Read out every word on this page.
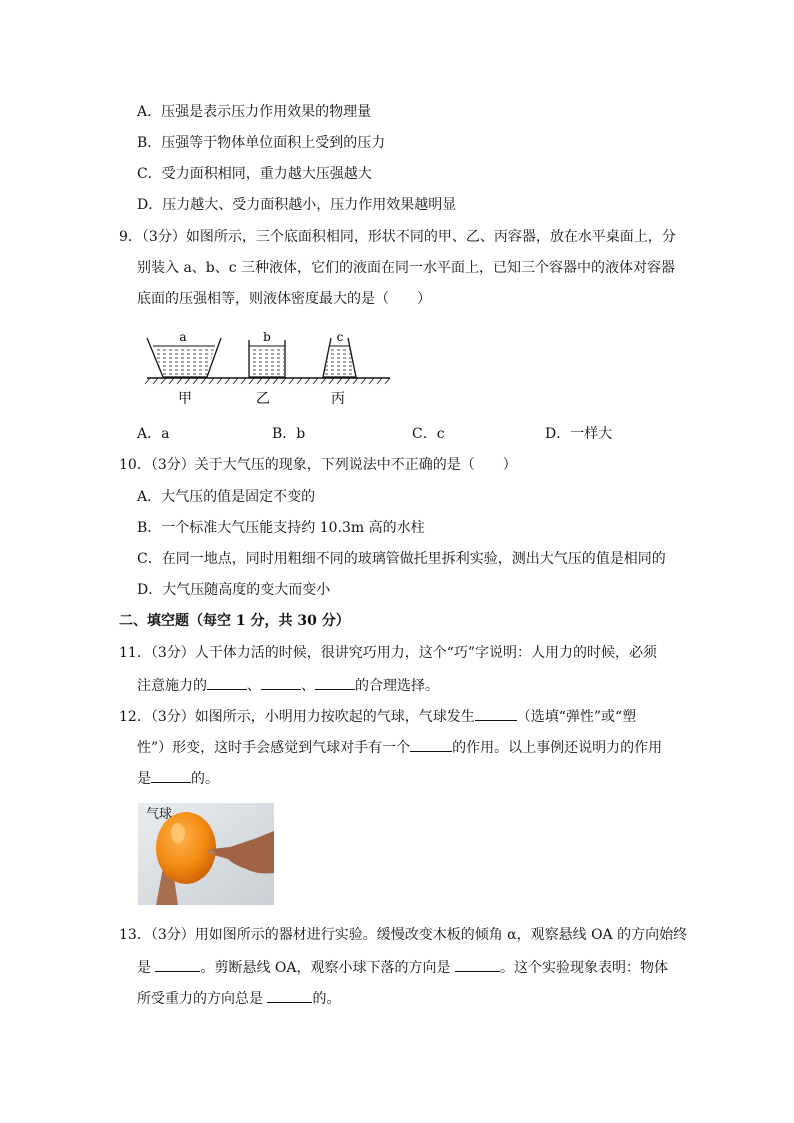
A．压强是表示压力作用效果的物理量
B．压强等于物体单位面积上受到的压力
C．受力面积相同，重力越大压强越大
D．压力越大、受力面积越小，压力作用效果越明显
9．（3分）如图所示，三个底面积相同，形状不同的甲、乙、丙容器，放在水平桌面上，分
别装入 a、b、c 三种液体，它们的液面在同一水平面上，已知三个容器中的液体对容器
底面的压强相等，则液体密度最大的是（　　）
a	b	c
甲	乙	丙
A．a	B．b	C．c	D．一样大
10．（3分）关于大气压的现象，下列说法中不正确的是（　　）
A．大气压的值是固定不变的
B．一个标准大气压能支持约 10.3m 高的水柱
C．在同一地点，同时用粗细不同的玻璃管做托里拆利实验，测出大气压的值是相同的
D．大气压随高度的变大而变小
二、填空题（每空 1 分，共 30 分）
11．（3分）人干体力活的时候，很讲究巧用力，这个“巧”字说明：人用力的时候，必须
注意施力的	、	、	的合理选择。
12．（3分）如图所示，小明用力按吹起的气球，气球发生	（选填“弹性”或“塑
性”）形变，这时手会感觉到气球对手有一个	的作用。以上事例还说明力的作用
是	的。
气球
13．（3分）用如图所示的器材进行实验。缓慢改变木板的倾角 α，观察悬线 OA 的方向始终
是	。剪断悬线 OA，观察小球下落的方向是	。这个实验现象表明：物体
所受重力的方向总是	的。
